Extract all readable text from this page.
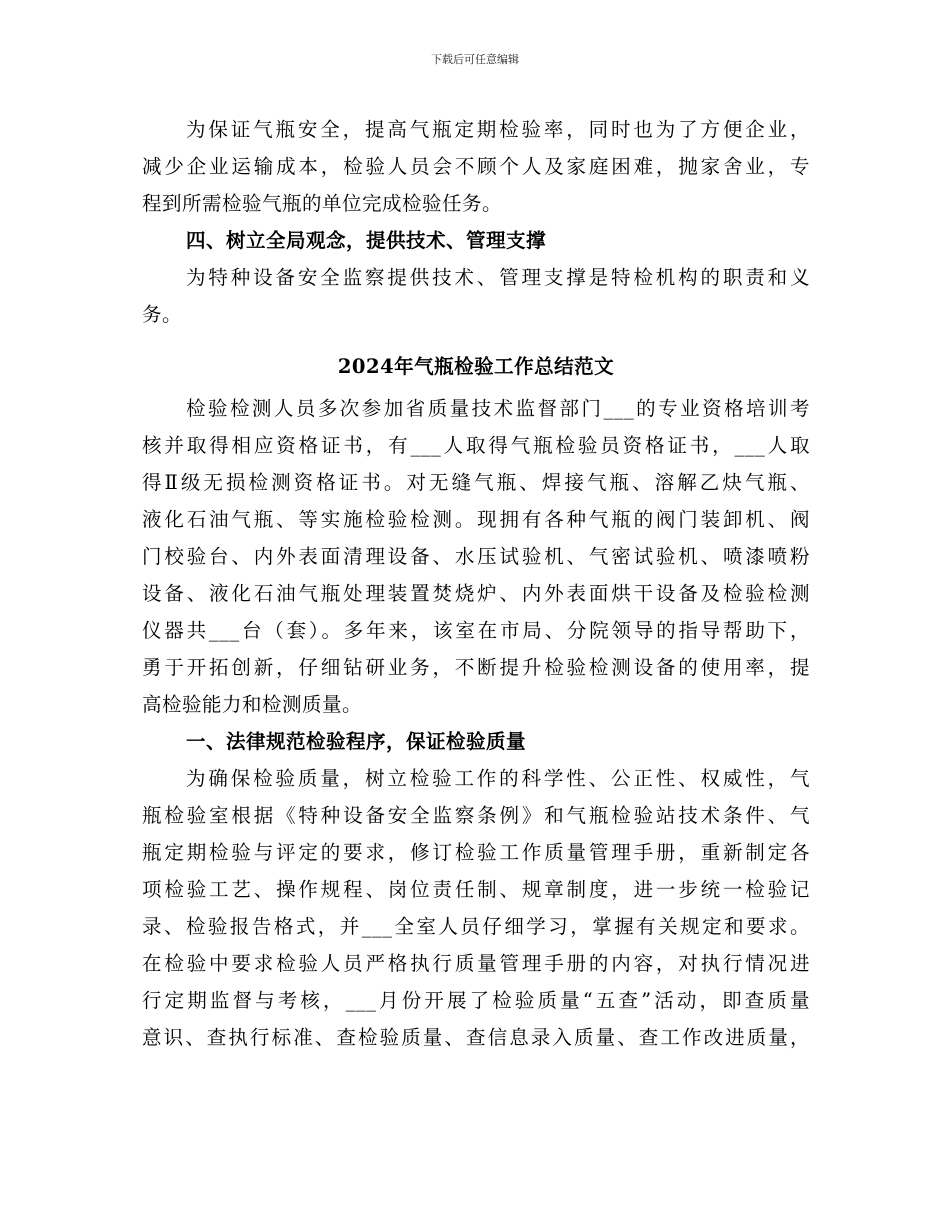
下载后可任意编辑
为保证气瓶安全，提高气瓶定期检验率，同时也为了方便企业，
减少企业运输成本，检验人员会不顾个人及家庭困难，抛家舍业，专
程到所需检验气瓶的单位完成检验任务。
四、树立全局观念，提供技术、管理支撑
为特种设备安全监察提供技术、管理支撑是特检机构的职责和义
务。
2024年气瓶检验工作总结范文
检验检测人员多次参加省质量技术监督部门___的专业资格培训考
核并取得相应资格证书，有___人取得气瓶检验员资格证书，___人取
得Ⅱ级无损检测资格证书。对无缝气瓶、焊接气瓶、溶解乙炔气瓶、
液化石油气瓶、等实施检验检测。现拥有各种气瓶的阀门装卸机、阀
门校验台、内外表面清理设备、水压试验机、气密试验机、喷漆喷粉
设备、液化石油气瓶处理装置焚烧炉、内外表面烘干设备及检验检测
仪器共___台（套）。多年来，该室在市局、分院领导的指导帮助下，
勇于开拓创新，仔细钻研业务，不断提升检验检测设备的使用率，提
高检验能力和检测质量。
一、法律规范检验程序，保证检验质量
为确保检验质量，树立检验工作的科学性、公正性、权威性，气
瓶检验室根据《特种设备安全监察条例》和气瓶检验站技术条件、气
瓶定期检验与评定的要求，修订检验工作质量管理手册，重新制定各
项检验工艺、操作规程、岗位责任制、规章制度，进一步统一检验记
录、检验报告格式，并___全室人员仔细学习，掌握有关规定和要求。
在检验中要求检验人员严格执行质量管理手册的内容，对执行情况进
行定期监督与考核，___月份开展了检验质量“五查”活动，即查质量
意识、查执行标准、查检验质量、查信息录入质量、查工作改进质量，
